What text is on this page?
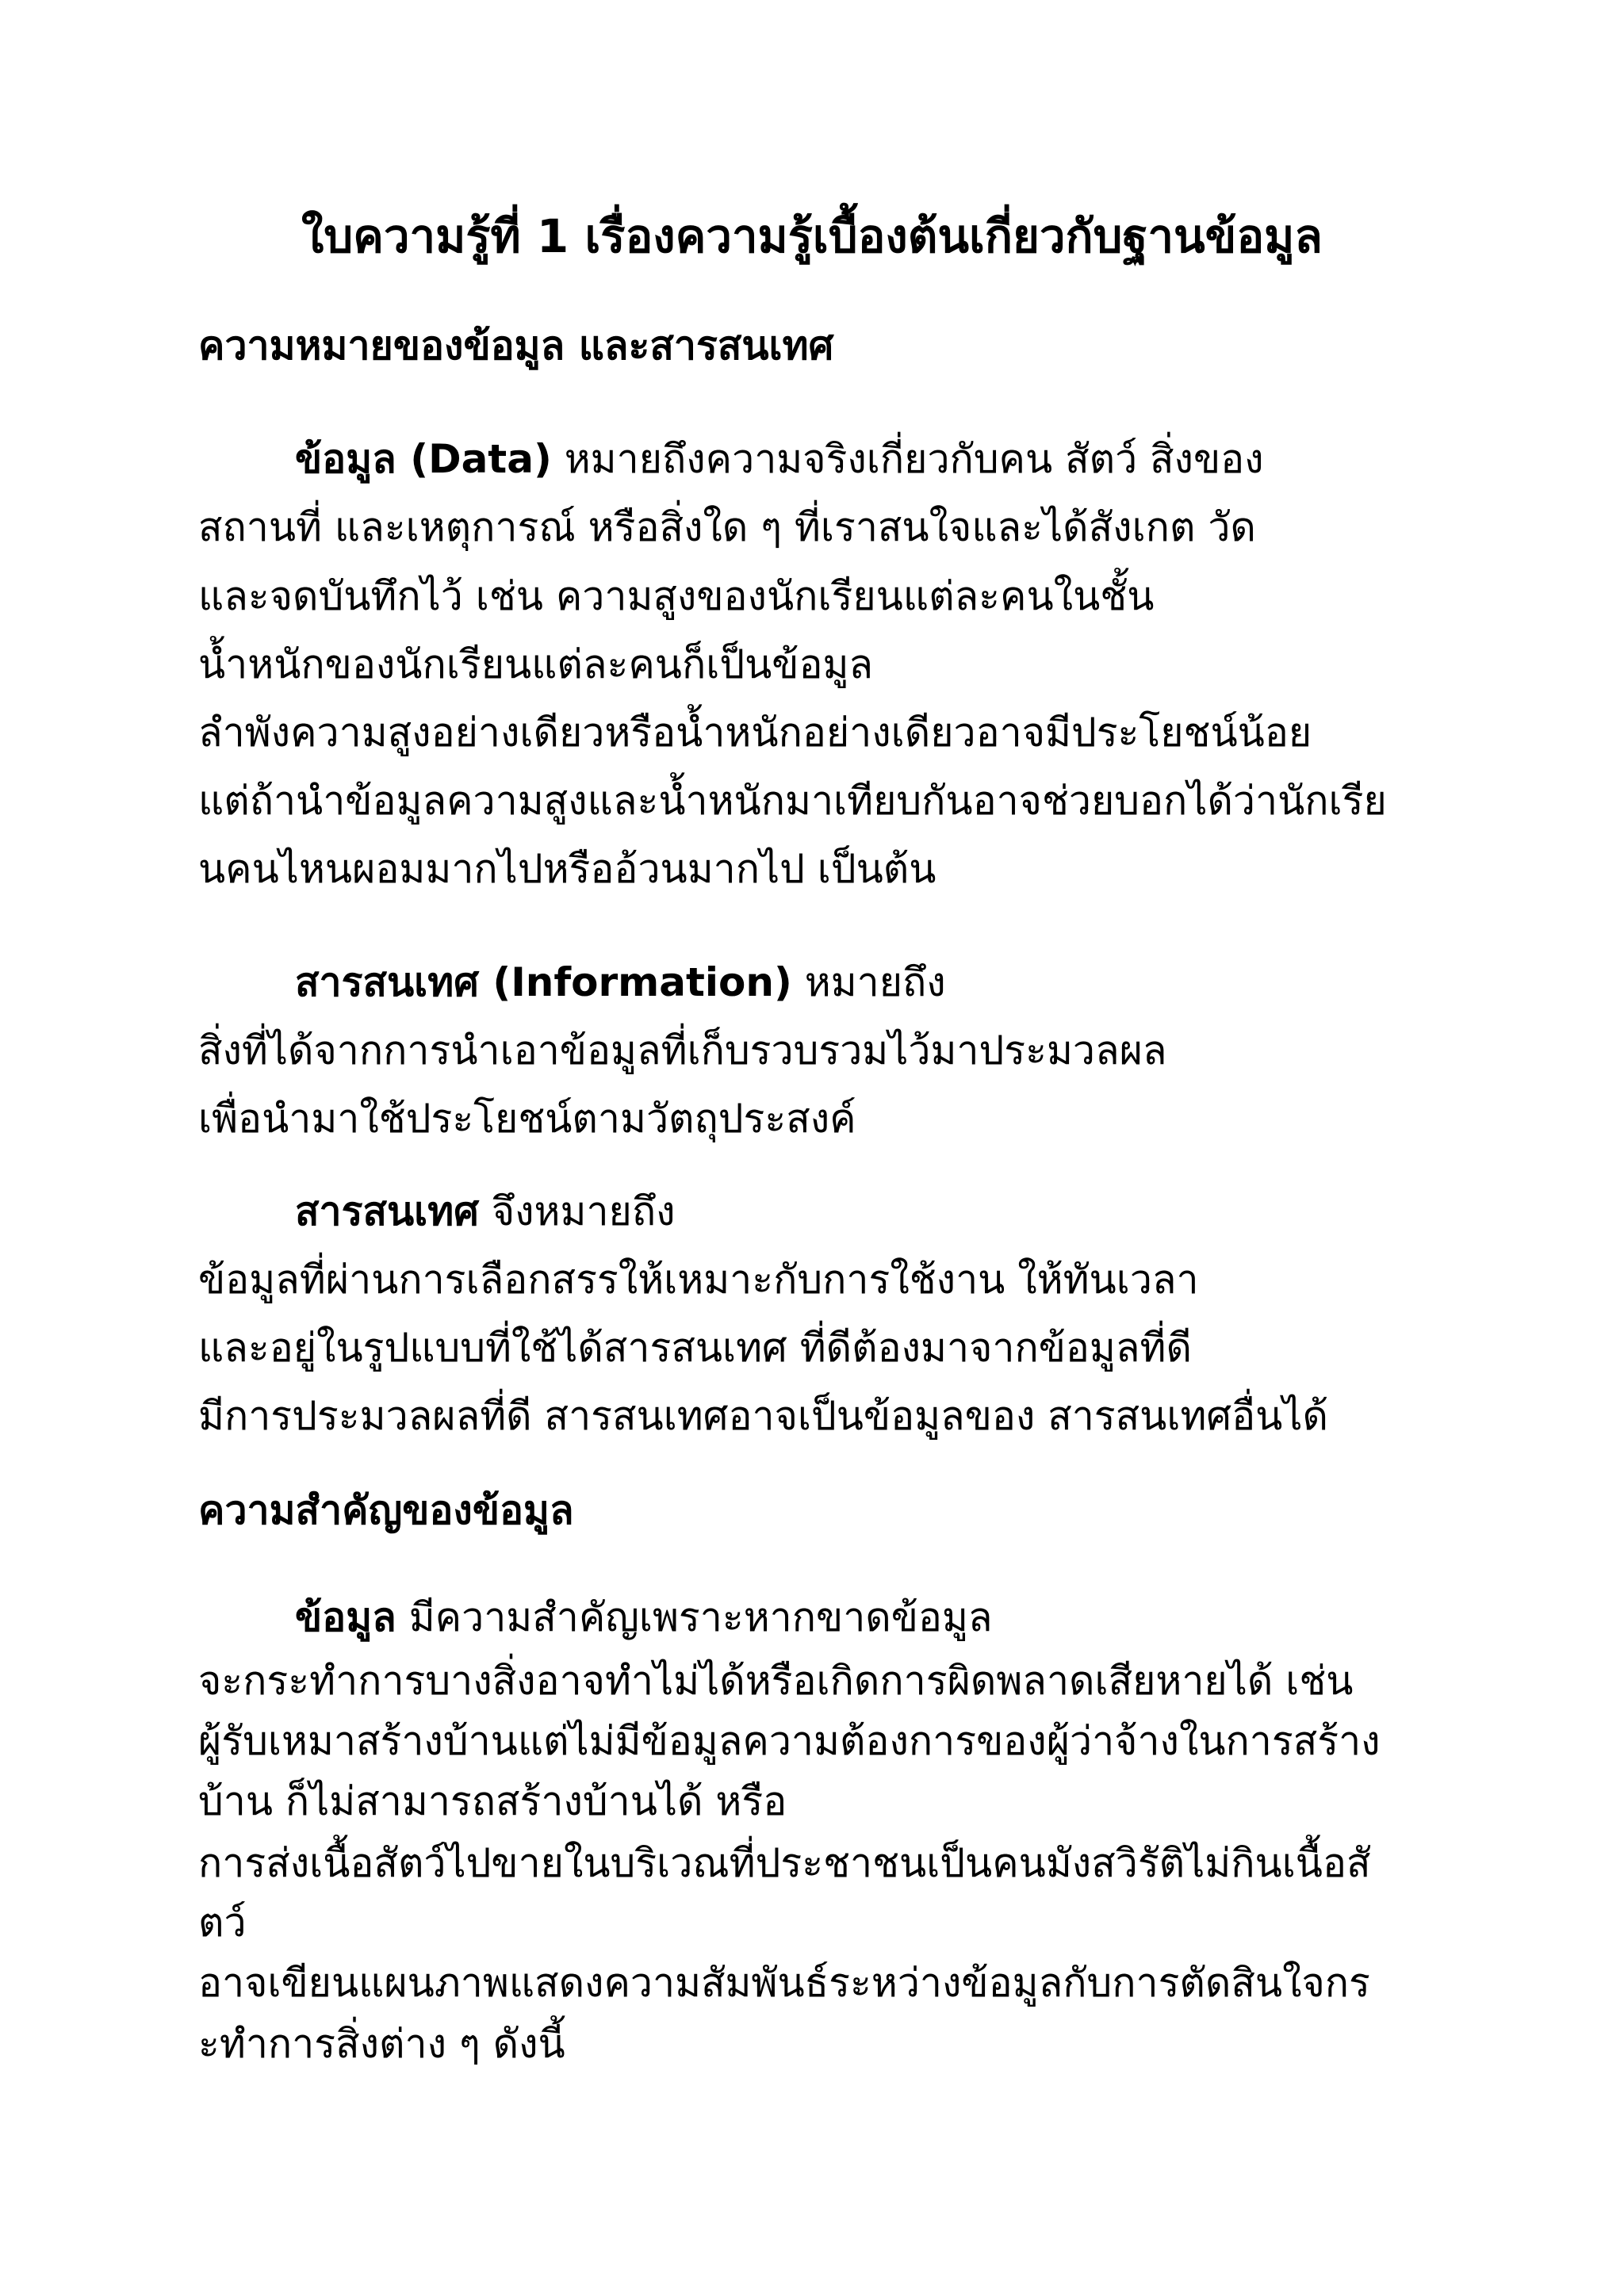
ใบความรู้ที่ 1 เรื่องความรู้เบื้องต้นเกี่ยวกับฐานข้อมูล
ความหมายของข้อมูล และสารสนเทศ
ข้อมูล (Data) หมายถึงความจริงเกี่ยวกับคน สัตว์ สิ่งของ
สถานที่ และเหตุการณ์ หรือสิ่งใด ๆ ที่เราสนใจและได้สังเกต วัด
และจดบันทึกไว้ เช่น ความสูงของนักเรียนแต่ละคนในชั้น
น้ำหนักของนักเรียนแต่ละคนก็เป็นข้อมูล
ลำพังความสูงอย่างเดียวหรือน้ำหนักอย่างเดียวอาจมีประโยชน์น้อย
แต่ถ้านำข้อมูลความสูงและน้ำหนักมาเทียบกันอาจช่วยบอกได้ว่านักเรีย
นคนไหนผอมมากไปหรืออ้วนมากไป เป็นต้น
สารสนเทศ (Information) หมายถึง
สิ่งที่ได้จากการนำเอาข้อมูลที่เก็บรวบรวมไว้มาประมวลผล
เพื่อนำมาใช้ประโยชน์ตามวัตถุประสงค์
สารสนเทศ จึงหมายถึง
ข้อมูลที่ผ่านการเลือกสรรให้เหมาะกับการใช้งาน ให้ทันเวลา
และอยู่ในรูปแบบที่ใช้ได้สารสนเทศ ที่ดีต้องมาจากข้อมูลที่ดี
มีการประมวลผลที่ดี สารสนเทศอาจเป็นข้อมูลของ สารสนเทศอื่นได้
ความสำคัญของข้อมูล
ข้อมูล มีความสำคัญเพราะหากขาดข้อมูล
จะกระทำการบางสิ่งอาจทำไม่ได้หรือเกิดการผิดพลาดเสียหายได้ เช่น
ผู้รับเหมาสร้างบ้านแต่ไม่มีข้อมูลความต้องการของผู้ว่าจ้างในการสร้าง
บ้าน ก็ไม่สามารถสร้างบ้านได้ หรือ
การส่งเนื้อสัตว์ไปขายในบริเวณที่ประชาชนเป็นคนมังสวิรัติไม่กินเนื้อสั
ตว์
อาจเขียนแผนภาพแสดงความสัมพันธ์ระหว่างข้อมูลกับการตัดสินใจกร
ะทำการสิ่งต่าง ๆ ดังนี้
